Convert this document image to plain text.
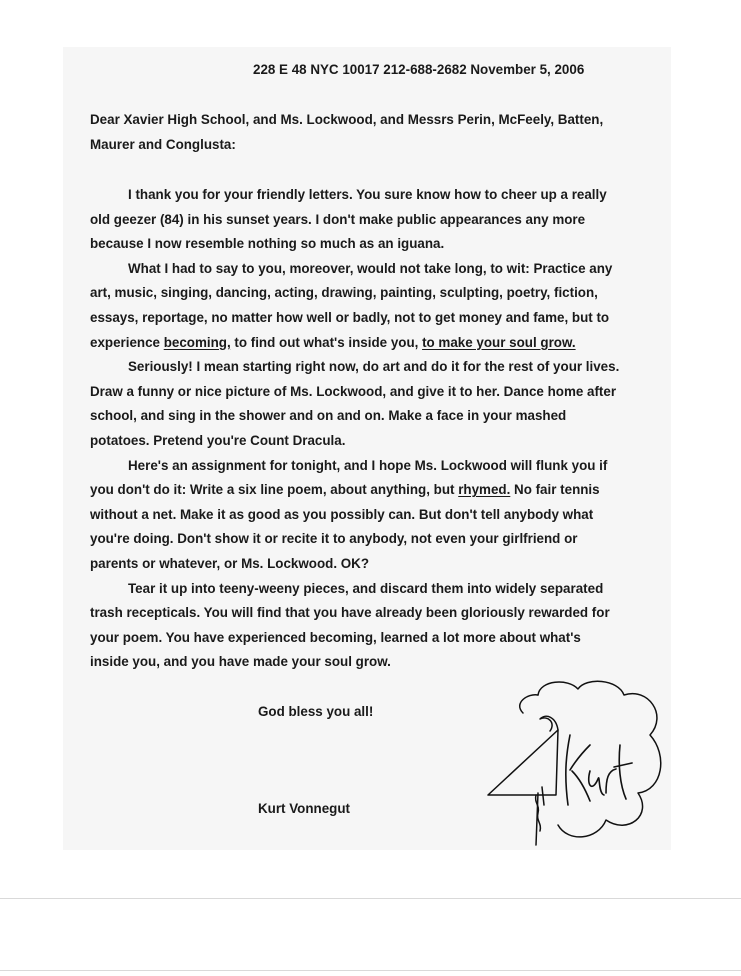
228 E 48 NYC 10017 212-688-2682 November 5, 2006
Dear Xavier High School, and Ms. Lockwood, and Messrs Perin, McFeely, Batten, Maurer and Conglusta:

I thank you for your friendly letters. You sure know how to cheer up a really old geezer (84) in his sunset years. I don't make public appearances any more because I now resemble nothing so much as an iguana.

What I had to say to you, moreover, would not take long, to wit: Practice any art, music, singing, dancing, acting, drawing, painting, sculpting, poetry, fiction, essays, reportage, no matter how well or badly, not to get money and fame, but to experience becoming, to find out what's inside you, to make your soul grow.

Seriously! I mean starting right now, do art and do it for the rest of your lives. Draw a funny or nice picture of Ms. Lockwood, and give it to her. Dance home after school, and sing in the shower and on and on. Make a face in your mashed potatoes. Pretend you're Count Dracula.

Here's an assignment for tonight, and I hope Ms. Lockwood will flunk you if you don't do it: Write a six line poem, about anything, but rhymed. No fair tennis without a net. Make it as good as you possibly can. But don't tell anybody what you're doing. Don't show it or recite it to anybody, not even your girlfriend or parents or whatever, or Ms. Lockwood. OK?

Tear it up into teeny-weeny pieces, and discard them into widely separated trash recepticals. You will find that you have already been gloriously rewarded for your poem. You have experienced becoming, learned a lot more about what's inside you, and you have made your soul grow.

God bless you all!
Kurt Vonnegut
